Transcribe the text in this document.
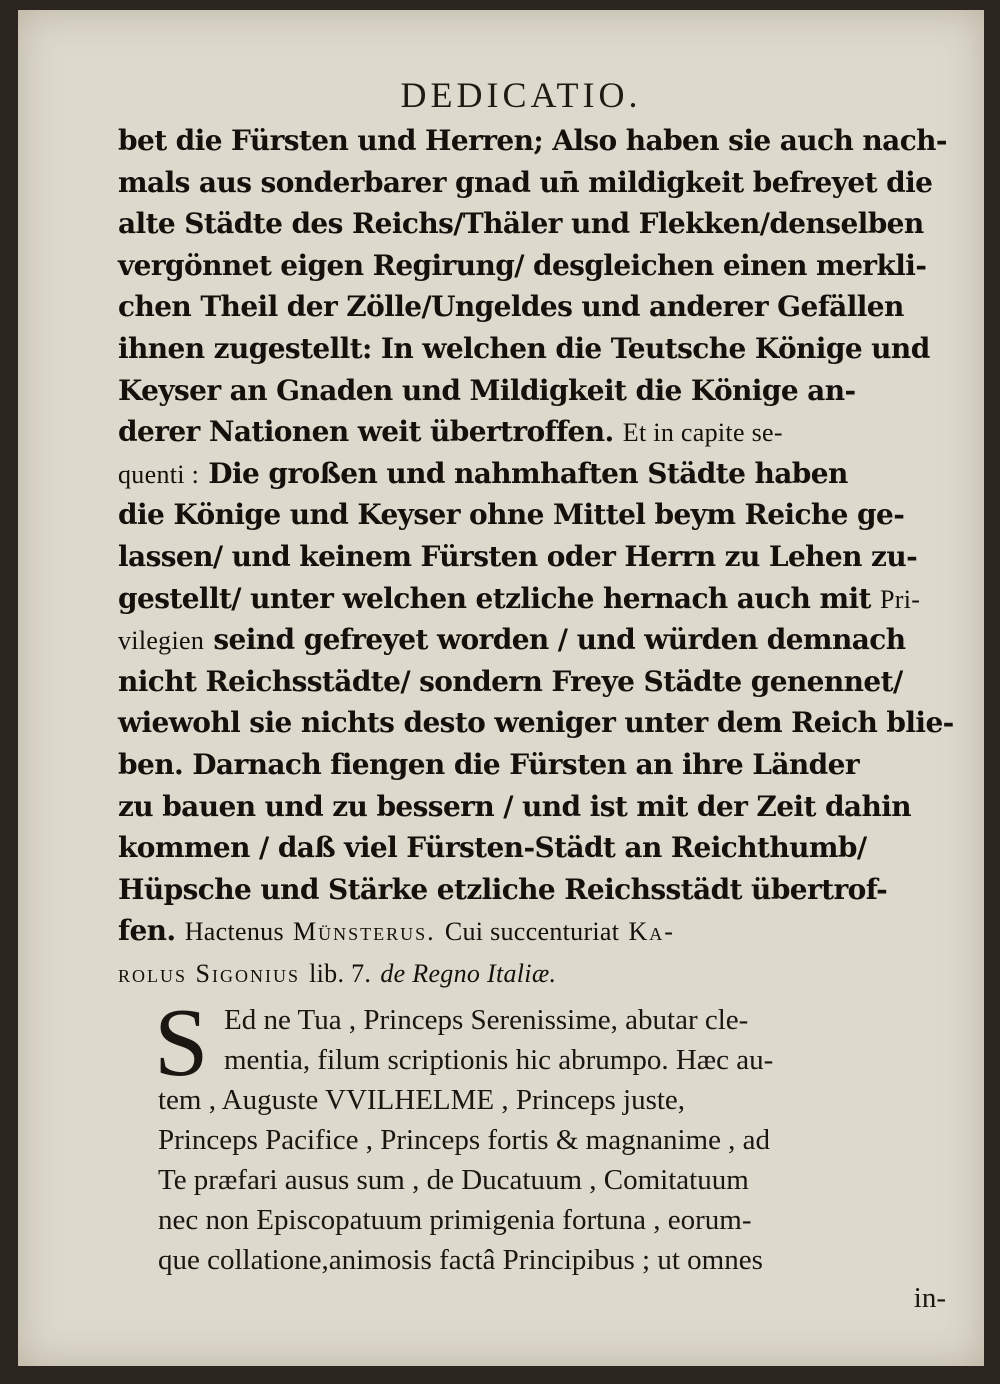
DEDICATIO.
bet die Fürsten und Herren; Also haben sie auch nach-
mals aus sonderbarer gnad un̄ mildigkeit befreyet die
alte Städte des Reichs/Thäler und Flekken/denselben
vergönnet eigen Regirung/ desgleichen einen merkli-
chen Theil der Zölle/Ungeldes und anderer Gefällen
ihnen zugestellt: In welchen die Teutsche Könige und
Keyser an Gnaden und Mildigkeit die Könige an-
derer Nationen weit übertroffen. Et in capite se-
quenti : Die großen und nahmhaften Städte haben
die Könige und Keyser ohne Mittel beym Reiche ge-
lassen/ und keinem Fürsten oder Herrn zu Lehen zu-
gestellt/ unter welchen etzliche hernach auch mit Pri-
vilegien seind gefreyet worden / und würden demnach
nicht Reichsstädte/ sondern Freye Städte genennet/
wiewohl sie nichts desto weniger unter dem Reich blie-
ben. Darnach fiengen die Fürsten an ihre Länder
zu bauen und zu bessern / und ist mit der Zeit dahin
kommen / daß viel Fürsten-Städt an Reichthumb/
Hüpsche und Stärke etzliche Reichsstädt übertrof-
fen. Hactenus Münsterus. Cui succenturiat Ka-
rolus Sigonius lib. 7. de Regno Italiæ.
S Ed ne Tua , Princeps Serenissime, abutar cle-
mentia, filum scriptionis hic abrumpo. Hæc au-
tem , Auguste VVILHELME , Princeps juste,
Princeps Pacifice , Princeps fortis & magnanime , ad
Te præfari ausus sum , de Ducatuum , Comitatuum
nec non Episcopatuum primigenia fortuna , eorum-
que collatione,animosis factâ Principibus ; ut omnes
in-
